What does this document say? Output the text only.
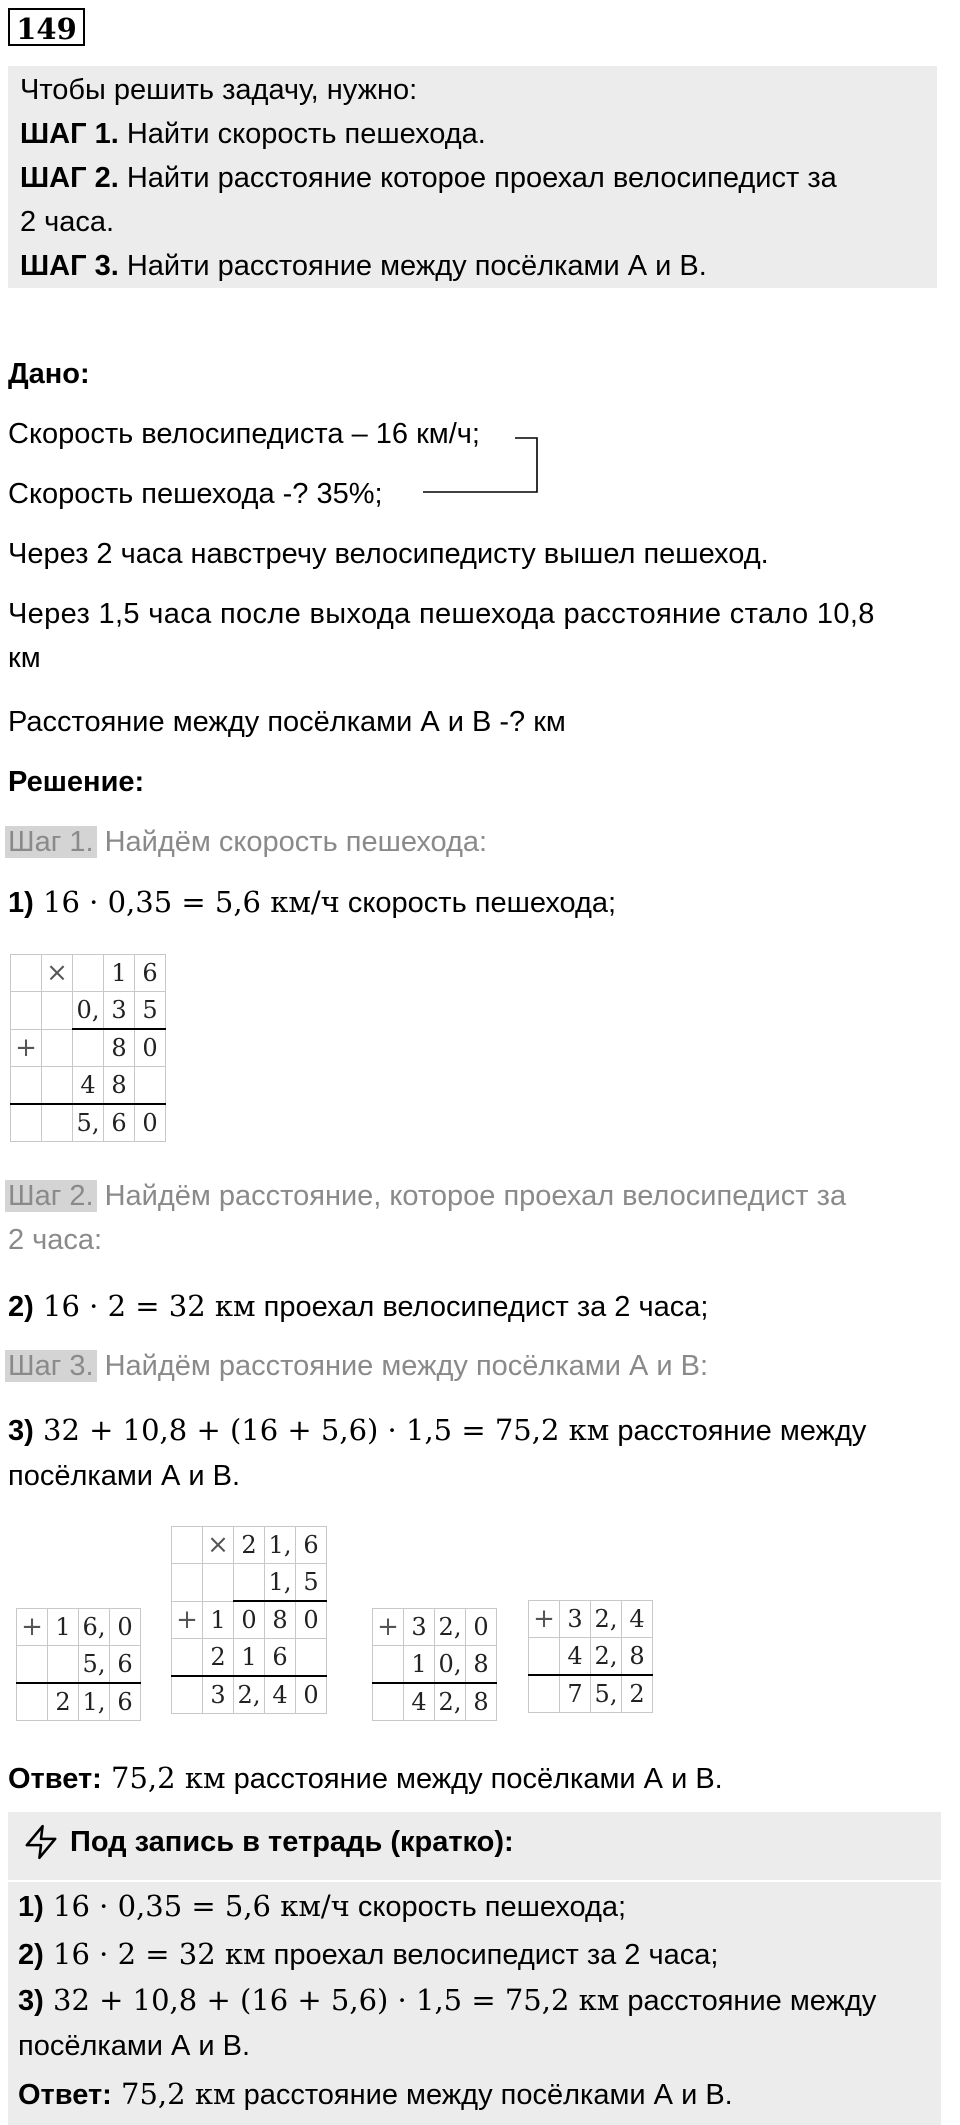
149
Чтобы решить задачу, нужно:
ШАГ 1. Найти скорость пешехода.
ШАГ 2. Найти расстояние которое проехал велосипедист за
2 часа.
ШАГ 3. Найти расстояние между посёлками А и В.
Дано:
Скорость велосипедиста – 16 км/ч;
Скорость пешехода -? 35%;
Через 2 часа навстречу велосипедисту вышел пешеход.
Через 1,5 часа после выхода пешехода расстояние стало 10,8
км
Расстояние между посёлками А и В -? км
Решение:
Шаг 1. Найдём скорость пешехода:
1) 16 · 0,35 = 5,6 км/ч скорость пешехода;
	×		1	6
		0,	3	5
+			8	0
		4	8	
		5,	6	0
Шаг 2. Найдём расстояние, которое проехал велосипедист за
2 часа:
2) 16 · 2 = 32 км проехал велосипедист за 2 часа;
Шаг 3. Найдём расстояние между посёлками А и В:
3) 32 + 10,8 + (16 + 5,6) · 1,5 = 75,2 км расстояние между
посёлками А и В.
+	1	6,	0
		5,	6
	2	1,	6
	×	2	1,	6
			1,	5
+	1	0	8	0
	2	1	6	
	3	2,	4	0
+	3	2,	0
	1	0,	8
	4	2,	8
+	3	2,	4
	4	2,	8
	7	5,	2
Ответ: 75,2 км расстояние между посёлками А и В.
Под запись в тетрадь (кратко):
1) 16 · 0,35 = 5,6 км/ч скорость пешехода;
2) 16 · 2 = 32 км проехал велосипедист за 2 часа;
3) 32 + 10,8 + (16 + 5,6) · 1,5 = 75,2 км расстояние между
посёлками А и В.
Ответ: 75,2 км расстояние между посёлками А и В.
